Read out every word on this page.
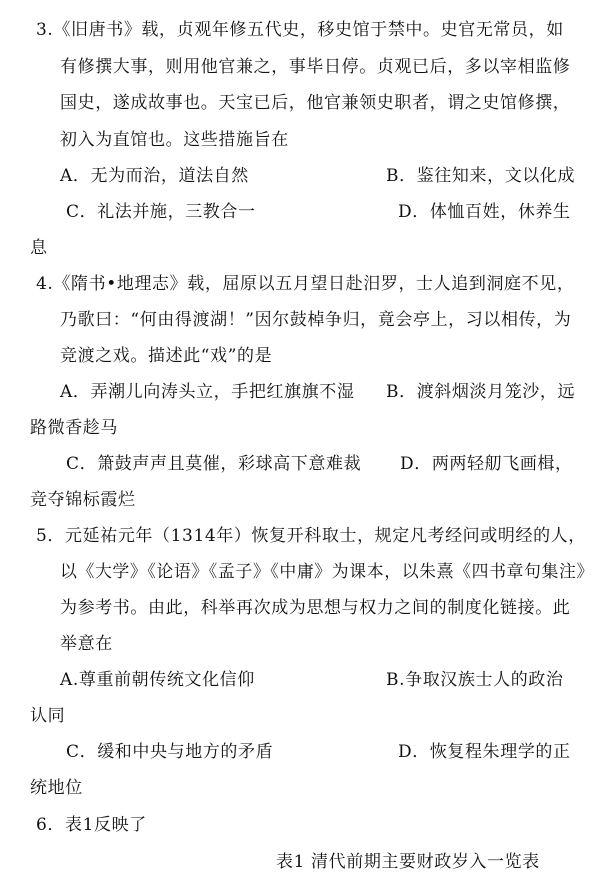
3.《旧唐书》载，贞观年修五代史，移史馆于禁中。史官无常员，如
有修撰大事，则用他官兼之，事毕日停。贞观已后，多以宰相监修
国史，遂成故事也。天宝已后，他官兼领史职者，谓之史馆修撰，
初入为直馆也。这些措施旨在
A．无为而治，道法自然	B．鉴往知来，文以化成
C．礼法并施，三教合一	D．体恤百姓，休养生
息
4.《隋书•地理志》载，屈原以五月望日赴汨罗，士人追到洞庭不见，
乃歌曰：“何由得渡湖！”因尔鼓棹争归，竟会亭上，习以相传，为
竞渡之戏。描述此“戏”的是
A．弄潮儿向涛头立，手把红旗旗不湿 B．渡斜烟淡月笼沙，远
路微香趁马
C．箫鼓声声且莫催，彩球高下意难裁 D．两两轻舠飞画楫，
竞夺锦标霞烂
5．元延祐元年（1314年）恢复开科取士，规定凡考经问或明经的人，
以《大学》《论语》《孟子》《中庸》为课本，以朱熹《四书章句集注》
为参考书。由此，科举再次成为思想与权力之间的制度化链接。此
举意在
A.尊重前朝传统文化信仰	B.争取汉族士人的政治
认同
C．缓和中央与地方的矛盾	D．恢复程朱理学的正
统地位
6．表1反映了
表1 清代前期主要财政岁入一览表
